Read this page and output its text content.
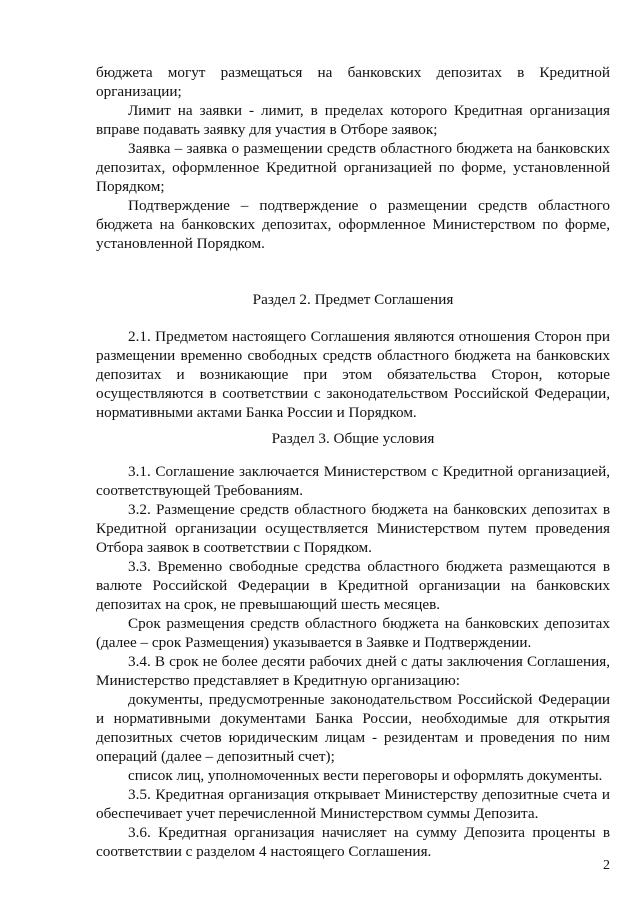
бюджета могут размещаться на банковских депозитах в Кредитной организации;

Лимит на заявки - лимит, в пределах которого Кредитная организация вправе подавать заявку для участия в Отборе заявок;

Заявка – заявка о размещении средств областного бюджета на банковских депозитах, оформленное Кредитной организацией по форме, установленной Порядком;

Подтверждение – подтверждение о размещении средств областного бюджета на банковских депозитах, оформленное Министерством по форме, установленной Порядком.

Раздел 2. Предмет Соглашения

2.1. Предметом настоящего Соглашения являются отношения Сторон при размещении временно свободных средств областного бюджета на банковских депозитах и возникающие при этом обязательства Сторон, которые осуществляются в соответствии с законодательством Российской Федерации, нормативными актами Банка России и Порядком.

Раздел 3. Общие условия

3.1. Соглашение заключается Министерством с Кредитной организацией, соответствующей Требованиям.

3.2. Размещение средств областного бюджета на банковских депозитах в Кредитной организации осуществляется Министерством путем проведения Отбора заявок в соответствии с Порядком.

3.3. Временно свободные средства областного бюджета размещаются в валюте Российской Федерации в Кредитной организации на банковских депозитах на срок, не превышающий шесть месяцев.

Срок размещения средств областного бюджета на банковских депозитах (далее – срок Размещения) указывается в Заявке и Подтверждении.

3.4. В срок не более десяти рабочих дней с даты заключения Соглашения, Министерство представляет в Кредитную организацию:

документы, предусмотренные законодательством Российской Федерации и нормативными документами Банка России, необходимые для открытия депозитных счетов юридическим лицам - резидентам и проведения по ним операций (далее – депозитный счет);

список лиц, уполномоченных вести переговоры и оформлять документы.

3.5. Кредитная организация открывает Министерству депозитные счета и обеспечивает учет перечисленной Министерством суммы Депозита.

3.6. Кредитная организация начисляет на сумму Депозита проценты в соответствии с разделом 4 настоящего Соглашения.

2
